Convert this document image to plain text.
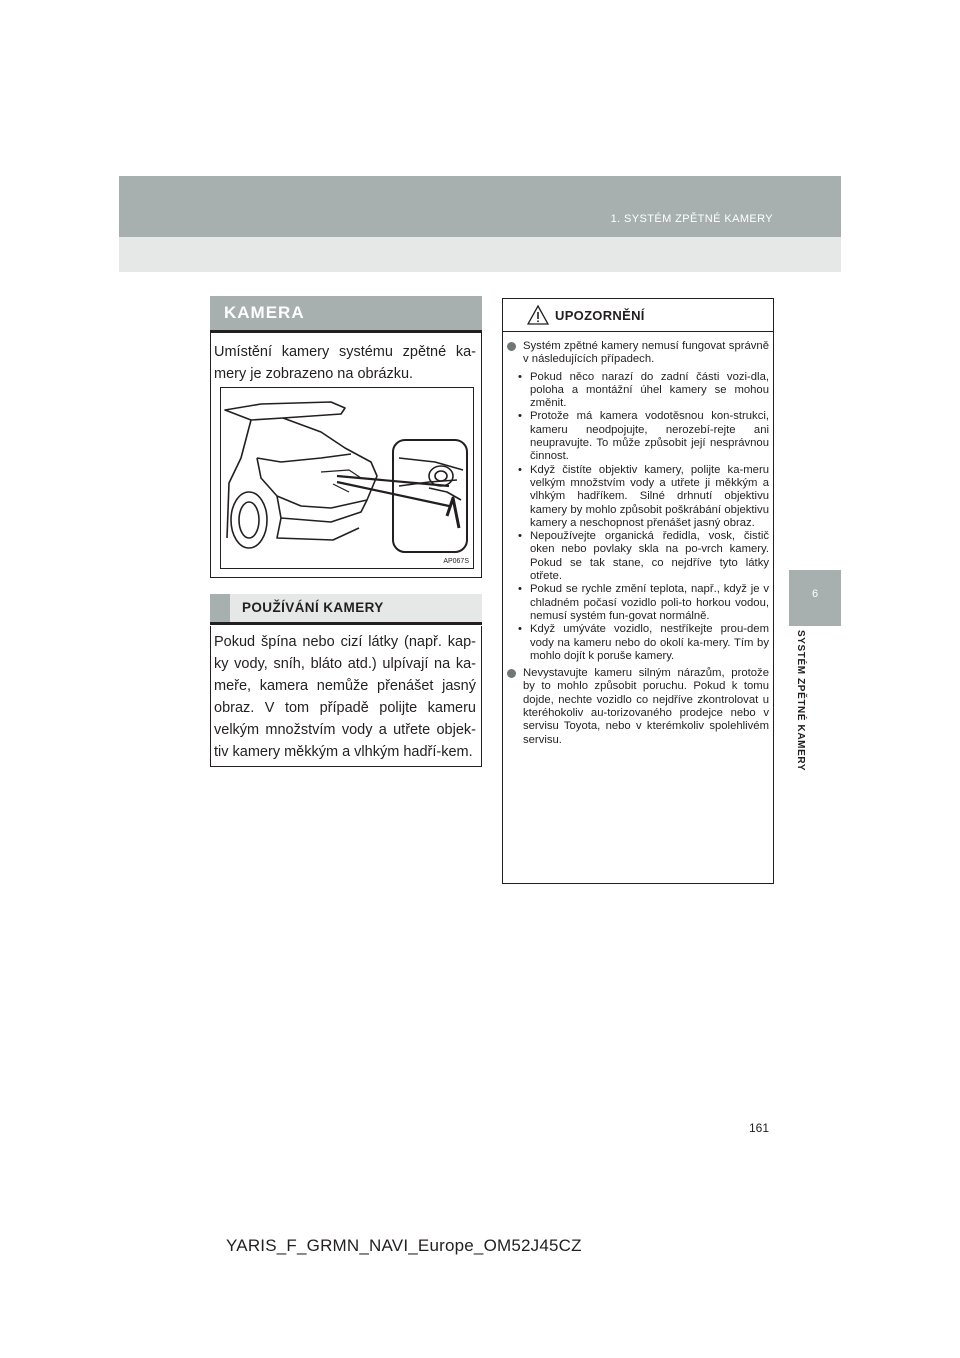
1. SYSTÉM ZPĚTNÉ KAMERY
6
SYSTÉM ZPĚTNÉ KAMERY
KAMERA

Umístění kamery systému zpětné ka-mery je zobrazeno na obrázku.

AP067S
POUŽÍVÁNÍ KAMERY

Pokud špína nebo cizí látky (např. kap-ky vody, sníh, bláto atd.) ulpívají na ka-meře, kamera nemůže přenášet jasný obraz. V tom případě polijte kameru velkým množstvím vody a utřete objek-tiv kamery měkkým a vlhkým hadří-kem.

UPOZORNĚNÍ
Systém zpětné kamery nemusí fungovat správně v následujících případech.
• Pokud něco narazí do zadní části vozi-dla, poloha a montážní úhel kamery se mohou změnit.
• Protože má kamera vodotěsnou kon-strukci, kameru neodpojujte, nerozebí-rejte ani neupravujte. To může způsobit její nesprávnou činnost.
• Když čistíte objektiv kamery, polijte ka-meru velkým množstvím vody a utřete ji měkkým a vlhkým hadříkem. Silné drhnutí objektivu kamery by mohlo způsobit poškrábání objektivu kamery a neschopnost přenášet jasný obraz.
• Nepoužívejte organická ředidla, vosk, čistič oken nebo povlaky skla na po-vrch kamery. Pokud se tak stane, co nejdříve tyto látky otřete.
• Pokud se rychle změní teplota, např., když je v chladném počasí vozidlo poli-to horkou vodou, nemusí systém fun-govat normálně.
• Když umýváte vozidlo, nestříkejte prou-dem vody na kameru nebo do okolí ka-mery. Tím by mohlo dojít k poruše kamery.
Nevystavujte kameru silným nárazům, protože by to mohlo způsobit poruchu. Pokud k tomu dojde, nechte vozidlo co nejdříve zkontrolovat u kteréhokoliv au-torizovaného prodejce nebo v servisu Toyota, nebo v kterémkoliv spolehlivém servisu.
161
YARIS_F_GRMN_NAVI_Europe_OM52J45CZ
